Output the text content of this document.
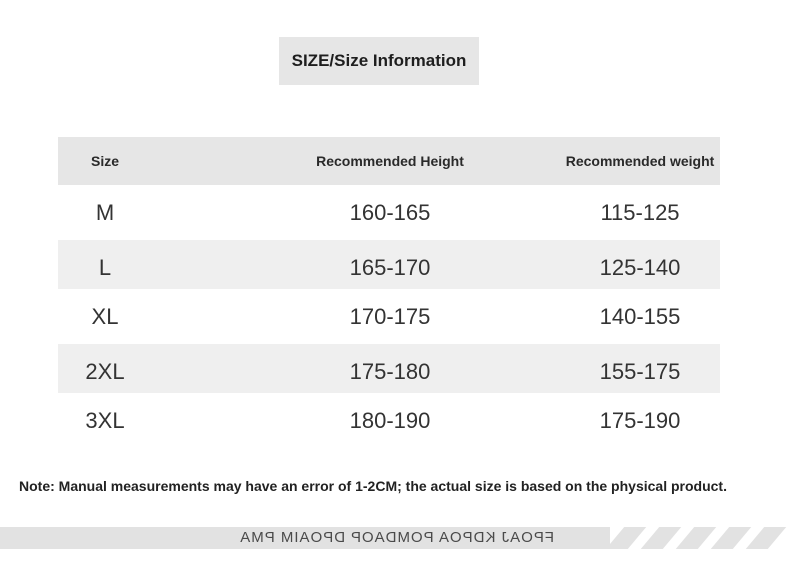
SIZE/Size Information
Size	Recommended Height	Recommended weight
M	160-165	115-125
L	165-170	125-140
XL	170-175	140-155
2XL	175-180	155-175
3XL	180-190	175-190
Note: Manual measurements may have an error of 1-2CM; the actual size is based on the physical product.
FPOAJ KDPOA POMDAOP DPOAIM PMA
